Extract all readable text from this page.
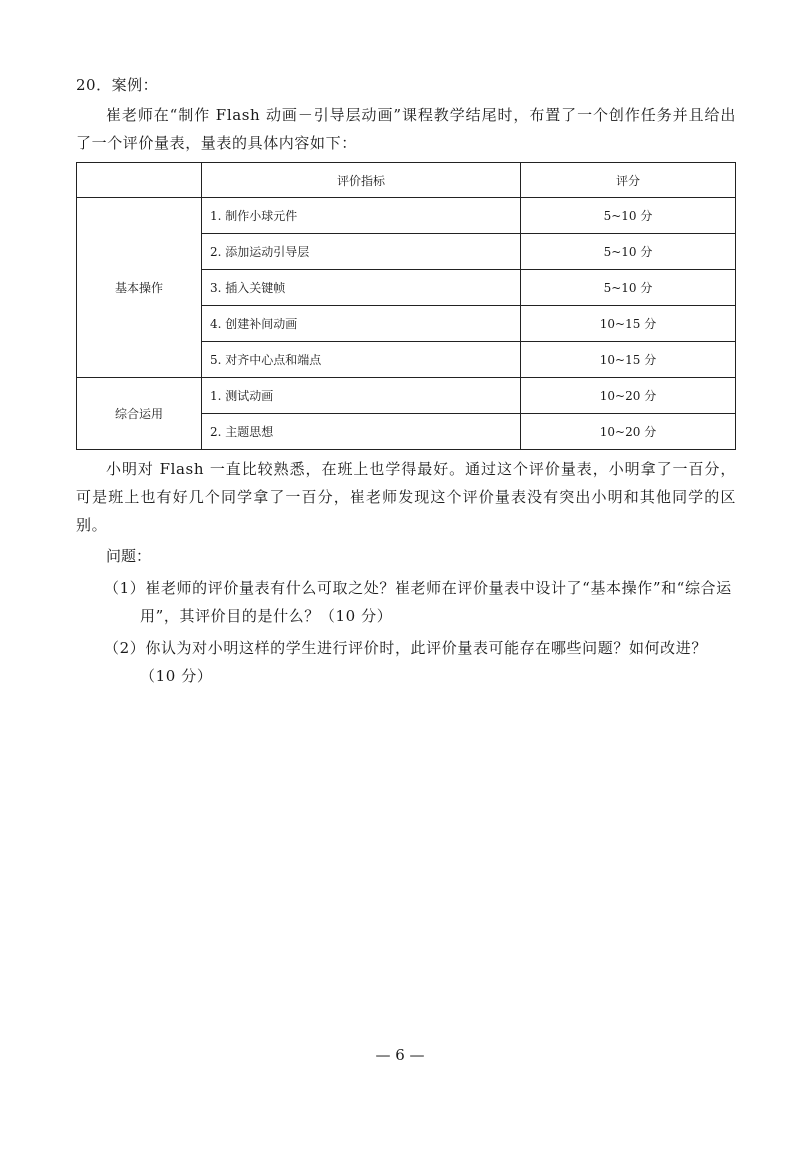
20．案例：
崔老师在“制作 Flash 动画－引导层动画”课程教学结尾时，布置了一个创作任务并且给出了一个评价量表，量表的具体内容如下：
	评价指标	评分
基本操作	1. 制作小球元件	5~10 分
	2. 添加运动引导层	5~10 分
	3. 插入关键帧	5~10 分
	4. 创建补间动画	10~15 分
	5. 对齐中心点和端点	10~15 分
综合运用	1. 测试动画	10~20 分
	2. 主题思想	10~20 分
小明对 Flash 一直比较熟悉，在班上也学得最好。通过这个评价量表，小明拿了一百分，可是班上也有好几个同学拿了一百分，崔老师发现这个评价量表没有突出小明和其他同学的区别。
问题：
（1）崔老师的评价量表有什么可取之处？崔老师在评价量表中设计了“基本操作”和“综合运用”，其评价目的是什么？（10 分）
（2）你认为对小明这样的学生进行评价时，此评价量表可能存在哪些问题？如何改进？（10 分）
— 6 —
